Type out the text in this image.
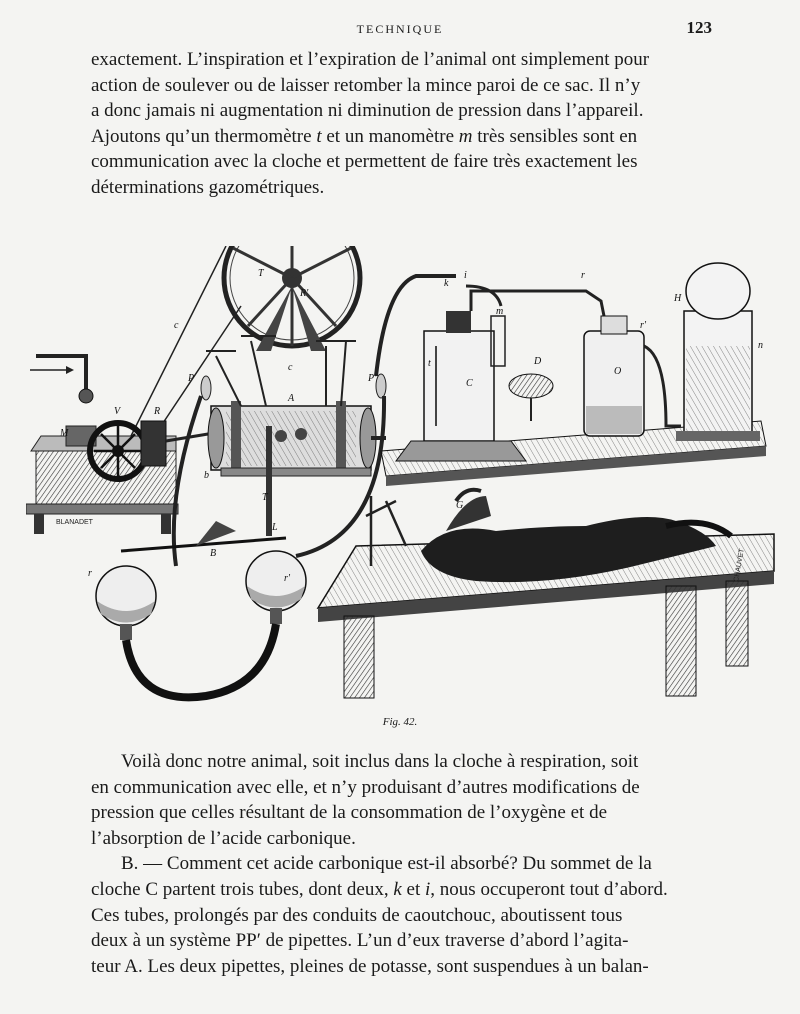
TECHNIQUE	123

exactement. L’inspiration et l’expiration de l’animal ont simplement pour

action de soulever ou de laisser retomber la mince paroi de ce sac. Il n’y

a donc jamais ni augmentation ni diminution de pression dans l’appareil.

Ajoutons qu’un thermomètre t et un manomètre m très sensibles sont en

communication avec la cloche et permettent de faire très exactement les

déterminations gazométriques.

BLANADET
CHAUVET
T
R'
c
c
P
A
P'
V	R
M
b
T
L
B
r	r'
k
i
t
m
C
D
G
r
r'
O
H
n
Fig. 42.

Voilà donc notre animal, soit inclus dans la cloche à respiration, soit

en communication avec elle, et n’y produisant d’autres modifications de

pression que celles résultant de la consommation de l’oxygène et de

l’absorption de l’acide carbonique.

B. — Comment cet acide carbonique est-il absorbé? Du sommet de la

cloche C partent trois tubes, dont deux, k et i, nous occuperont tout d’abord.

Ces tubes, prolongés par des conduits de caoutchouc, aboutissent tous

deux à un système PP′ de pipettes. L’un d’eux traverse d’abord l’agita-

teur A. Les deux pipettes, pleines de potasse, sont suspendues à un balan-
